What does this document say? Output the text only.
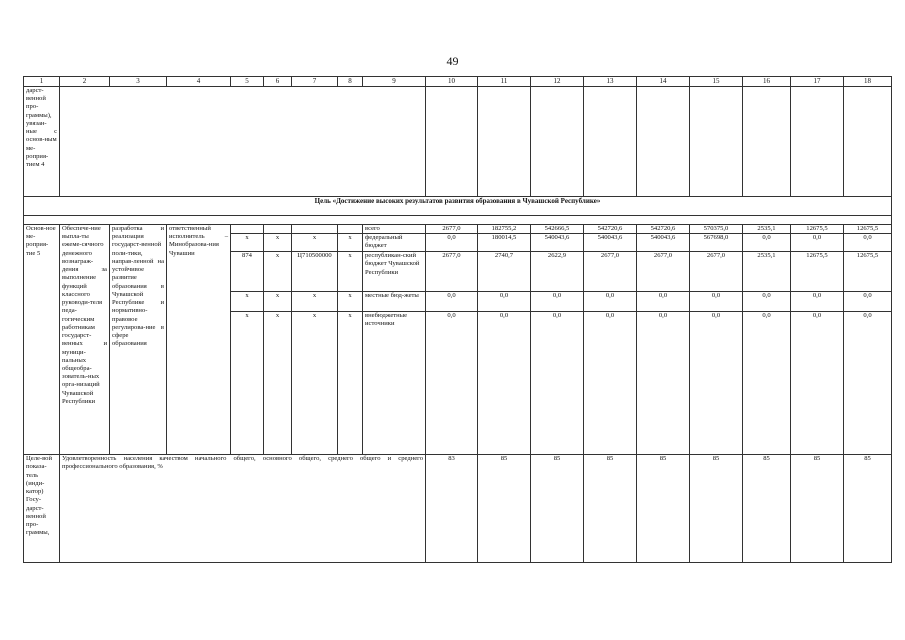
49
1	2	3	4	5	6	7	8	9	10	11	12	13	14	15	16	17	18
дарст-венной про-граммы), увязан-ные с основ-ным ме-роприя-тием 4																	
Цель «Достижение высоких результатов развития образования в Чувашской Республике»																	

Основ-ное ме-роприя-тие 5	Обеспече-ние выпла-ты ежеме-сячного денежного вознаграж-дения за выполнение функций классного руководи-теля педа-гогическим работникам государст-венных и муници-пальных общеобра-зователь-ных орга-низаций Чувашской Республики	разработка и реализация государст-венной поли-тики, направ-ленной на устойчивое развитие образования в Чувашской Республике и нормативно-правовое регулирова-ние в сфере образования	ответственный исполнитель – Минобразова-ния Чувашии					всего	2677,0	182755,2	542666,5	542720,6	542720,6	570375,0	2535,1	12675,5	12675,5
				x	x	x	x	федеральный бюджет	0,0	180014,5	540043,6	540043,6	540043,6	567698,0	0,0	0,0	0,0
				874	x	Ц710500000	x	республикан-ский бюджет Чувашской Республики	2677,0	2740,7	2622,9	2677,0	2677,0	2677,0	2535,1	12675,5	12675,5
				x	x	x	x	местные бюд-жеты	0,0	0,0	0,0	0,0	0,0	0,0	0,0	0,0	0,0
				x	x	x	x	внебюджетные источники	0,0	0,0	0,0	0,0	0,0	0,0	0,0	0,0	0,0
Целе-вой показа-тель (инди-катор) Госу-дарст-венной про-граммы,	Удовлетворенность населения качеством начального общего, основного общего, среднего общего и среднего профессионального образования, %								83	85	85	85	85	85	85	85	85
